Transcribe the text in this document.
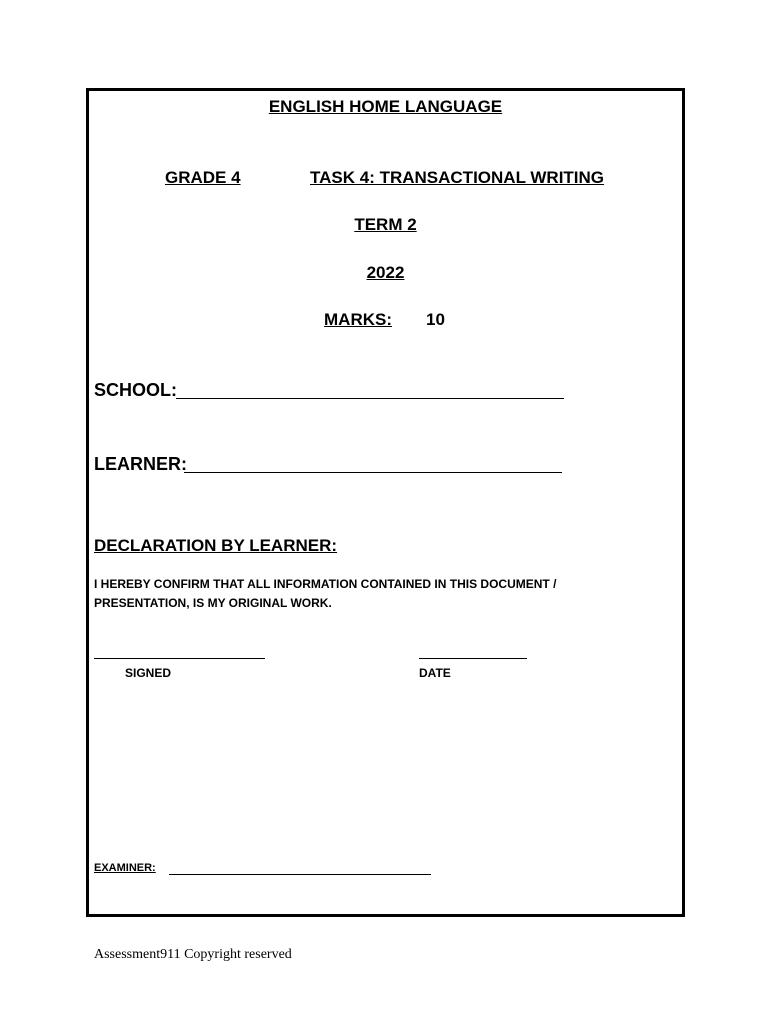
ENGLISH HOME LANGUAGE
GRADE 4	TASK 4: TRANSACTIONAL WRITING
TERM 2
2022
MARKS: 10
SCHOOL:
LEARNER:
DECLARATION BY LEARNER:
I HEREBY CONFIRM THAT ALL INFORMATION CONTAINED IN THIS DOCUMENT /
PRESENTATION, IS MY ORIGINAL WORK.
SIGNED	DATE
EXAMINER:
Assessment911 Copyright reserved
